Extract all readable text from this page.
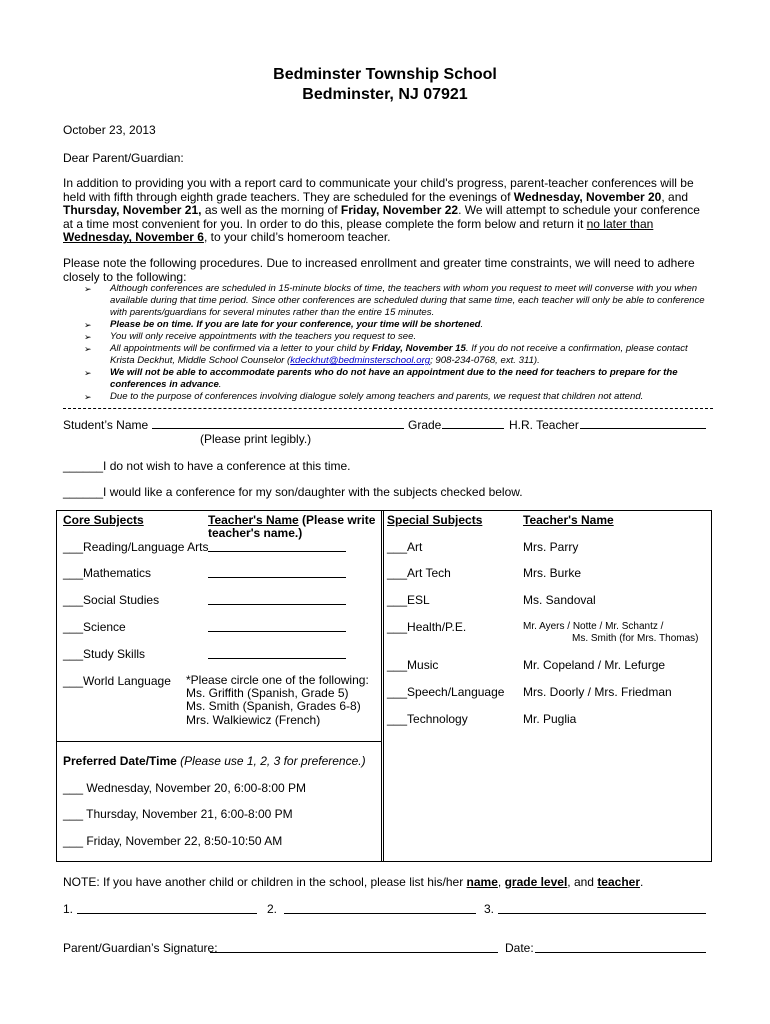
Bedminster Township School
Bedminster, NJ 07921
October 23, 2013
Dear Parent/Guardian:
In addition to providing you with a report card to communicate your child's progress, parent-teacher conferences will be held with fifth through eighth grade teachers. They are scheduled for the evenings of Wednesday, November 20, and Thursday, November 21, as well as the morning of Friday, November 22. We will attempt to schedule your conference at a time most convenient for you. In order to do this, please complete the form below and return it no later than Wednesday, November 6, to your child’s homeroom teacher.
Please note the following procedures. Due to increased enrollment and greater time constraints, we will need to adhere closely to the following:
➢ Although conferences are scheduled in 15-minute blocks of time, the teachers with whom you request to meet will converse with you when available during that time period. Since other conferences are scheduled during that same time, each teacher will only be able to conference with parents/guardians for several minutes rather than the entire 15 minutes.
➢ Please be on time. If you are late for your conference, your time will be shortened.
➢ You will only receive appointments with the teachers you request to see.
➢ All appointments will be confirmed via a letter to your child by Friday, November 15. If you do not receive a confirmation, please contact Krista Deckhut, Middle School Counselor (kdeckhut@bedminsterschool.org; 908-234-0768, ext. 311).
➢ We will not be able to accommodate parents who do not have an appointment due to the need for teachers to prepare for the conferences in advance.
➢ Due to the purpose of conferences involving dialogue solely among teachers and parents, we request that children not attend.
Student’s Name	Grade	H.R. Teacher
(Please print legibly.)
______I do not wish to have a conference at this time.
______I would like a conference for my son/daughter with the subjects checked below.
Core Subjects	Teacher's Name (Please write
teacher's name.)
___Reading/Language Arts
___Mathematics
___Social Studies
___Science
___Study Skills
___World Language *Please circle one of the following:
Ms. Griffith (Spanish, Grade 5)
Ms. Smith (Spanish, Grades 6-8)
Mrs. Walkiewicz (French)
Special Subjects	Teacher's Name
___Art	Mrs. Parry
___Art Tech	Mrs. Burke
___ESL	Ms. Sandoval
___Health/P.E.	Mr. Ayers / Notte / Mr. Schantz /
Ms. Smith (for Mrs. Thomas)
___Music	Mr. Copeland / Mr. Lefurge
___Speech/Language Mrs. Doorly / Mrs. Friedman
___Technology	Mr. Puglia
Preferred Date/Time (Please use 1, 2, 3 for preference.)
___ Wednesday, November 20, 6:00-8:00 PM
___ Thursday, November 21, 6:00-8:00 PM
___ Friday, November 22, 8:50-10:50 AM
NOTE: If you have another child or children in the school, please list his/her name, grade level, and teacher.
1.	2.	3.
Parent/Guardian’s Signature:	Date:
